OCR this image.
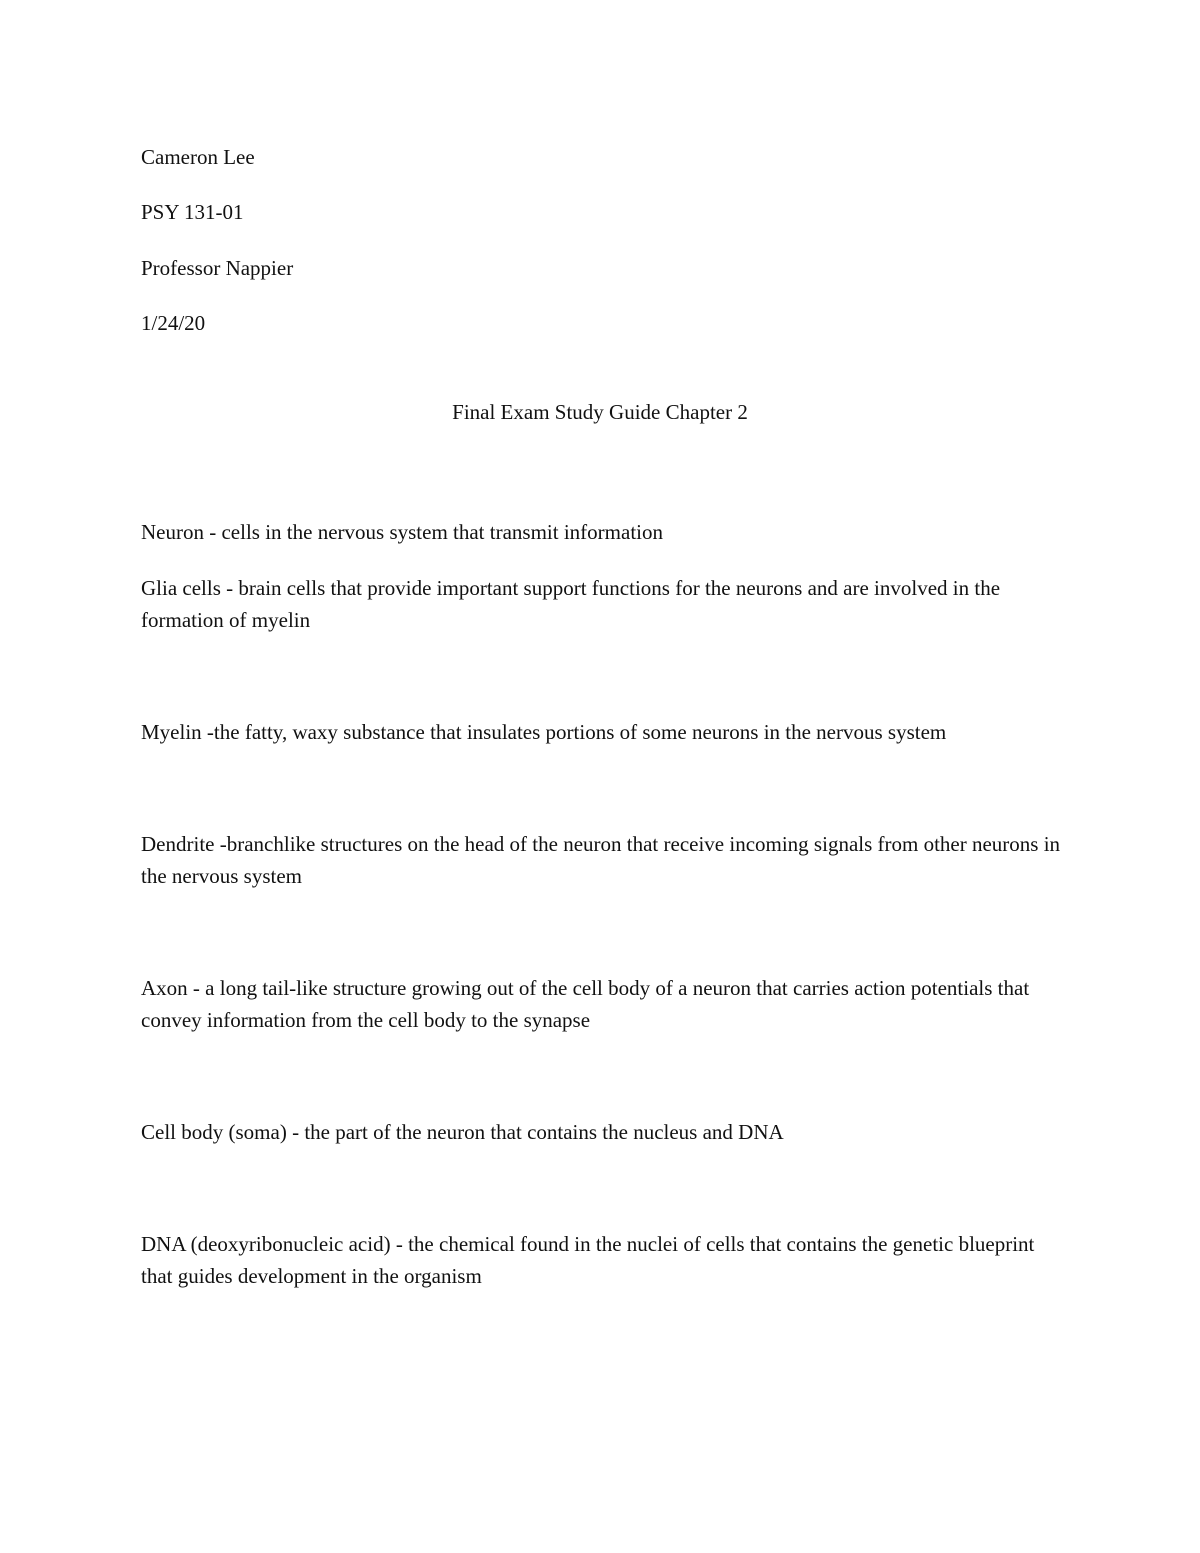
Cameron Lee
PSY 131-01
Professor Nappier
1/24/20
Final Exam Study Guide Chapter 2
Neuron - cells in the nervous system that transmit information
Glia cells - brain cells that provide important support functions for the neurons and are involved in the formation of myelin
Myelin -the fatty, waxy substance that insulates portions of some neurons in the nervous system
Dendrite -branchlike structures on the head of the neuron that receive incoming signals from other neurons in the nervous system
Axon - a long tail-like structure growing out of the cell body of a neuron that carries action potentials that convey information from the cell body to the synapse
Cell body (soma) - the part of the neuron that contains the nucleus and DNA
DNA (deoxyribonucleic acid) - the chemical found in the nuclei of cells that contains the genetic blueprint that guides development in the organism
